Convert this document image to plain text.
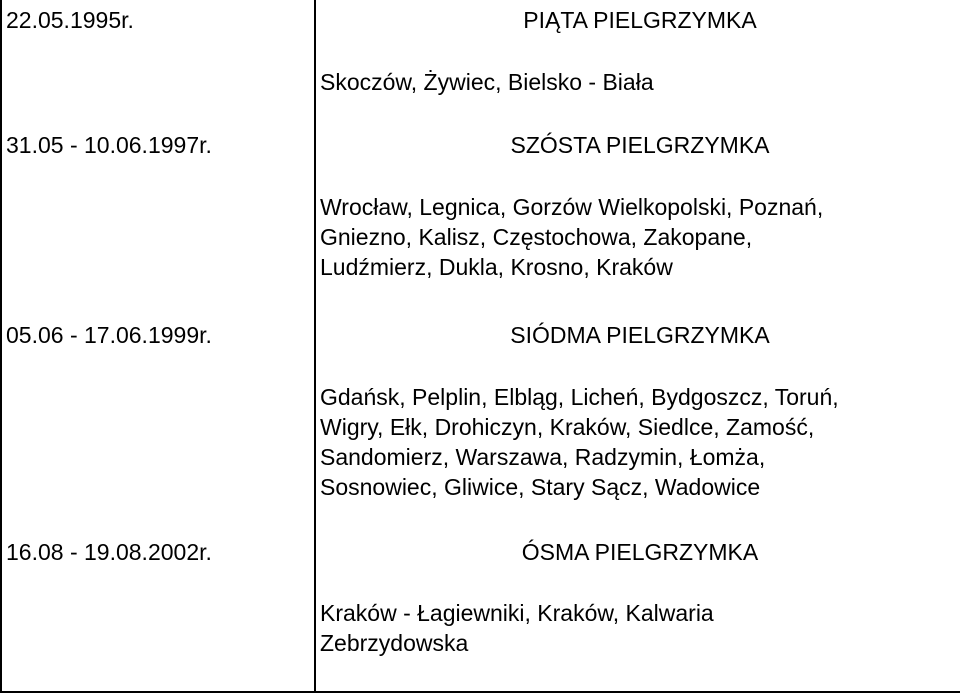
22.05.1995r.	PIĄTA PIELGRZYMKA
Skoczów, Żywiec, Bielsko - Biała
31.05 - 10.06.1997r.	SZÓSTA PIELGRZYMKA
Wrocław, Legnica, Gorzów Wielkopolski, Poznań,
Gniezno, Kalisz, Częstochowa, Zakopane,
Ludźmierz, Dukla, Krosno, Kraków
05.06 - 17.06.1999r.	SIÓDMA PIELGRZYMKA
Gdańsk, Pelplin, Elbląg, Licheń, Bydgoszcz, Toruń,
Wigry, Ełk, Drohiczyn, Kraków, Siedlce, Zamość,
Sandomierz, Warszawa, Radzymin, Łomża,
Sosnowiec, Gliwice, Stary Sącz, Wadowice
16.08 - 19.08.2002r.	ÓSMA PIELGRZYMKA
Kraków - Łagiewniki, Kraków, Kalwaria
Zebrzydowska
